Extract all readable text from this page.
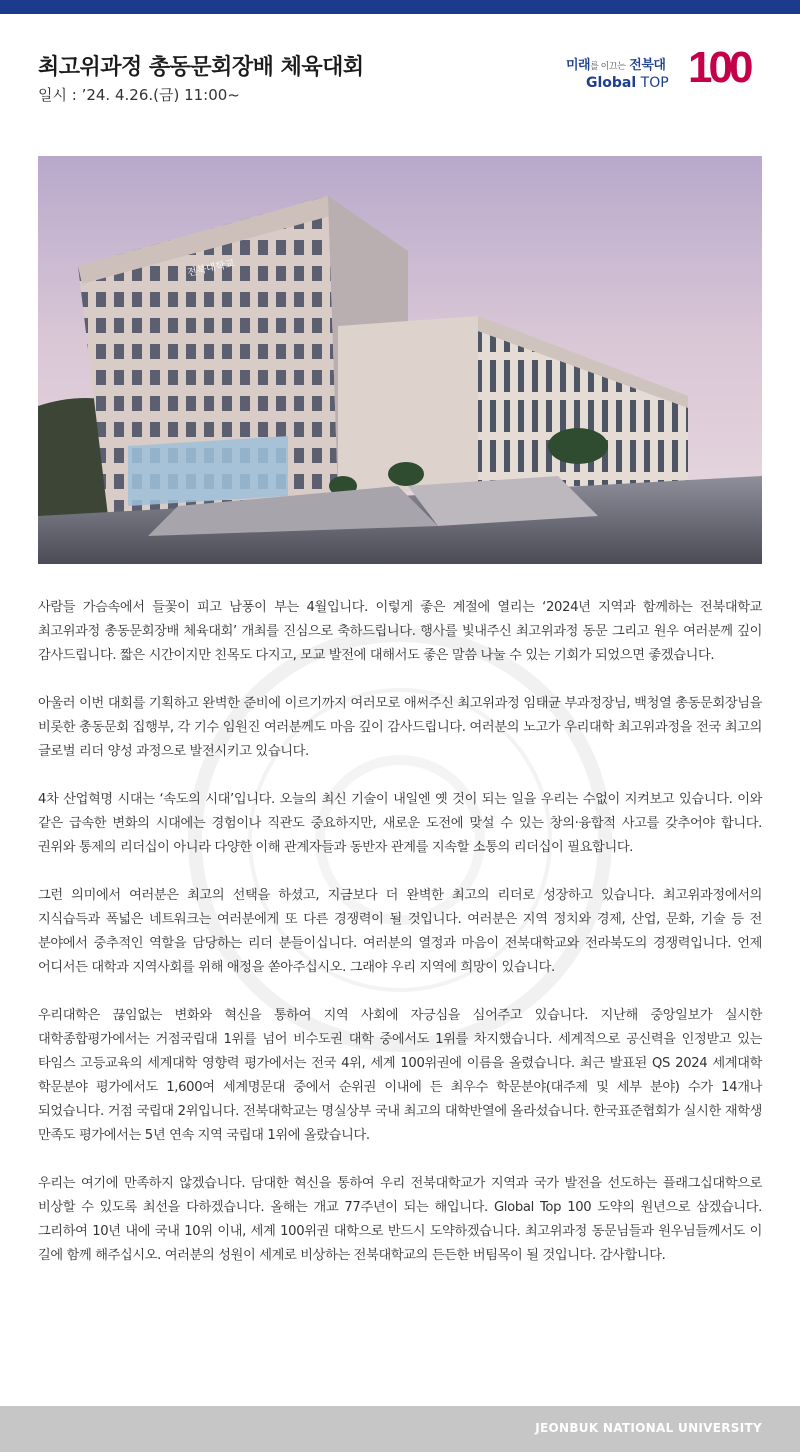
최고위과정 총동문회장배 체육대회
일시 : ’24. 4.26.(금) 11:00~
미래를 이끄는 전북대
Global TOP 100
전북대학교

사람들 가슴속에서 들꽃이 피고 남풍이 부는 4월입니다. 이렇게 좋은 계절에 열리는 ‘2024년 지역과 함께하는 전북대학교 최고위과정 총동문회장배 체육대회’ 개최를 진심으로 축하드립니다. 행사를 빛내주신 최고위과정 동문 그리고 원우 여러분께 깊이 감사드립니다. 짧은 시간이지만 친목도 다지고, 모교 발전에 대해서도 좋은 말씀 나눌 수 있는 기회가 되었으면 좋겠습니다.

아울러 이번 대회를 기획하고 완벽한 준비에 이르기까지 여러모로 애써주신 최고위과정 임태균 부과정장님, 백청열 총동문회장님을 비롯한 총동문회 집행부, 각 기수 임원진 여러분께도 마음 깊이 감사드립니다. 여러분의 노고가 우리대학 최고위과정을 전국 최고의 글로벌 리더 양성 과정으로 발전시키고 있습니다.

4차 산업혁명 시대는 ‘속도의 시대’입니다. 오늘의 최신 기술이 내일엔 옛 것이 되는 일을 우리는 수없이 지켜보고 있습니다. 이와 같은 급속한 변화의 시대에는 경험이나 직관도 중요하지만, 새로운 도전에 맞설 수 있는 창의·융합적 사고를 갖추어야 합니다. 권위와 통제의 리더십이 아니라 다양한 이해 관계자들과 동반자 관계를 지속할 소통의 리더십이 필요합니다.

그런 의미에서 여러분은 최고의 선택을 하셨고, 지금보다 더 완벽한 최고의 리더로 성장하고 있습니다. 최고위과정에서의 지식습득과 폭넓은 네트워크는 여러분에게 또 다른 경쟁력이 될 것입니다. 여러분은 지역 정치와 경제, 산업, 문화, 기술 등 전 분야에서 중추적인 역할을 담당하는 리더 분들이십니다. 여러분의 열정과 마음이 전북대학교와 전라북도의 경쟁력입니다. 언제 어디서든 대학과 지역사회를 위해 애정을 쏟아주십시오. 그래야 우리 지역에 희망이 있습니다.

우리대학은 끊임없는 변화와 혁신을 통하여 지역 사회에 자긍심을 심어주고 있습니다. 지난해 중앙일보가 실시한 대학종합평가에서는 거점국립대 1위를 넘어 비수도권 대학 중에서도 1위를 차지했습니다. 세계적으로 공신력을 인정받고 있는 타임스 고등교육의 세계대학 영향력 평가에서는 전국 4위, 세계 100위권에 이름을 올렸습니다. 최근 발표된 QS 2024 세계대학 학문분야 평가에서도 1,600여 세계명문대 중에서 순위권 이내에 든 최우수 학문분야(대주제 및 세부 분야) 수가 14개나 되었습니다. 거점 국립대 2위입니다. 전북대학교는 명실상부 국내 최고의 대학반열에 올라섰습니다. 한국표준협회가 실시한 재학생 만족도 평가에서는 5년 연속 지역 국립대 1위에 올랐습니다.

우리는 여기에 만족하지 않겠습니다. 담대한 혁신을 통하여 우리 전북대학교가 지역과 국가 발전을 선도하는 플래그십대학으로 비상할 수 있도록 최선을 다하겠습니다. 올해는 개교 77주년이 되는 해입니다. Global Top 100 도약의 원년으로 삼겠습니다. 그리하여 10년 내에 국내 10위 이내, 세계 100위권 대학으로 반드시 도약하겠습니다. 최고위과정 동문님들과 원우님들께서도 이 길에 함께 해주십시오. 여러분의 성원이 세계로 비상하는 전북대학교의 든든한 버팀목이 될 것입니다. 감사합니다.

JEONBUK NATIONAL UNIVERSITY
